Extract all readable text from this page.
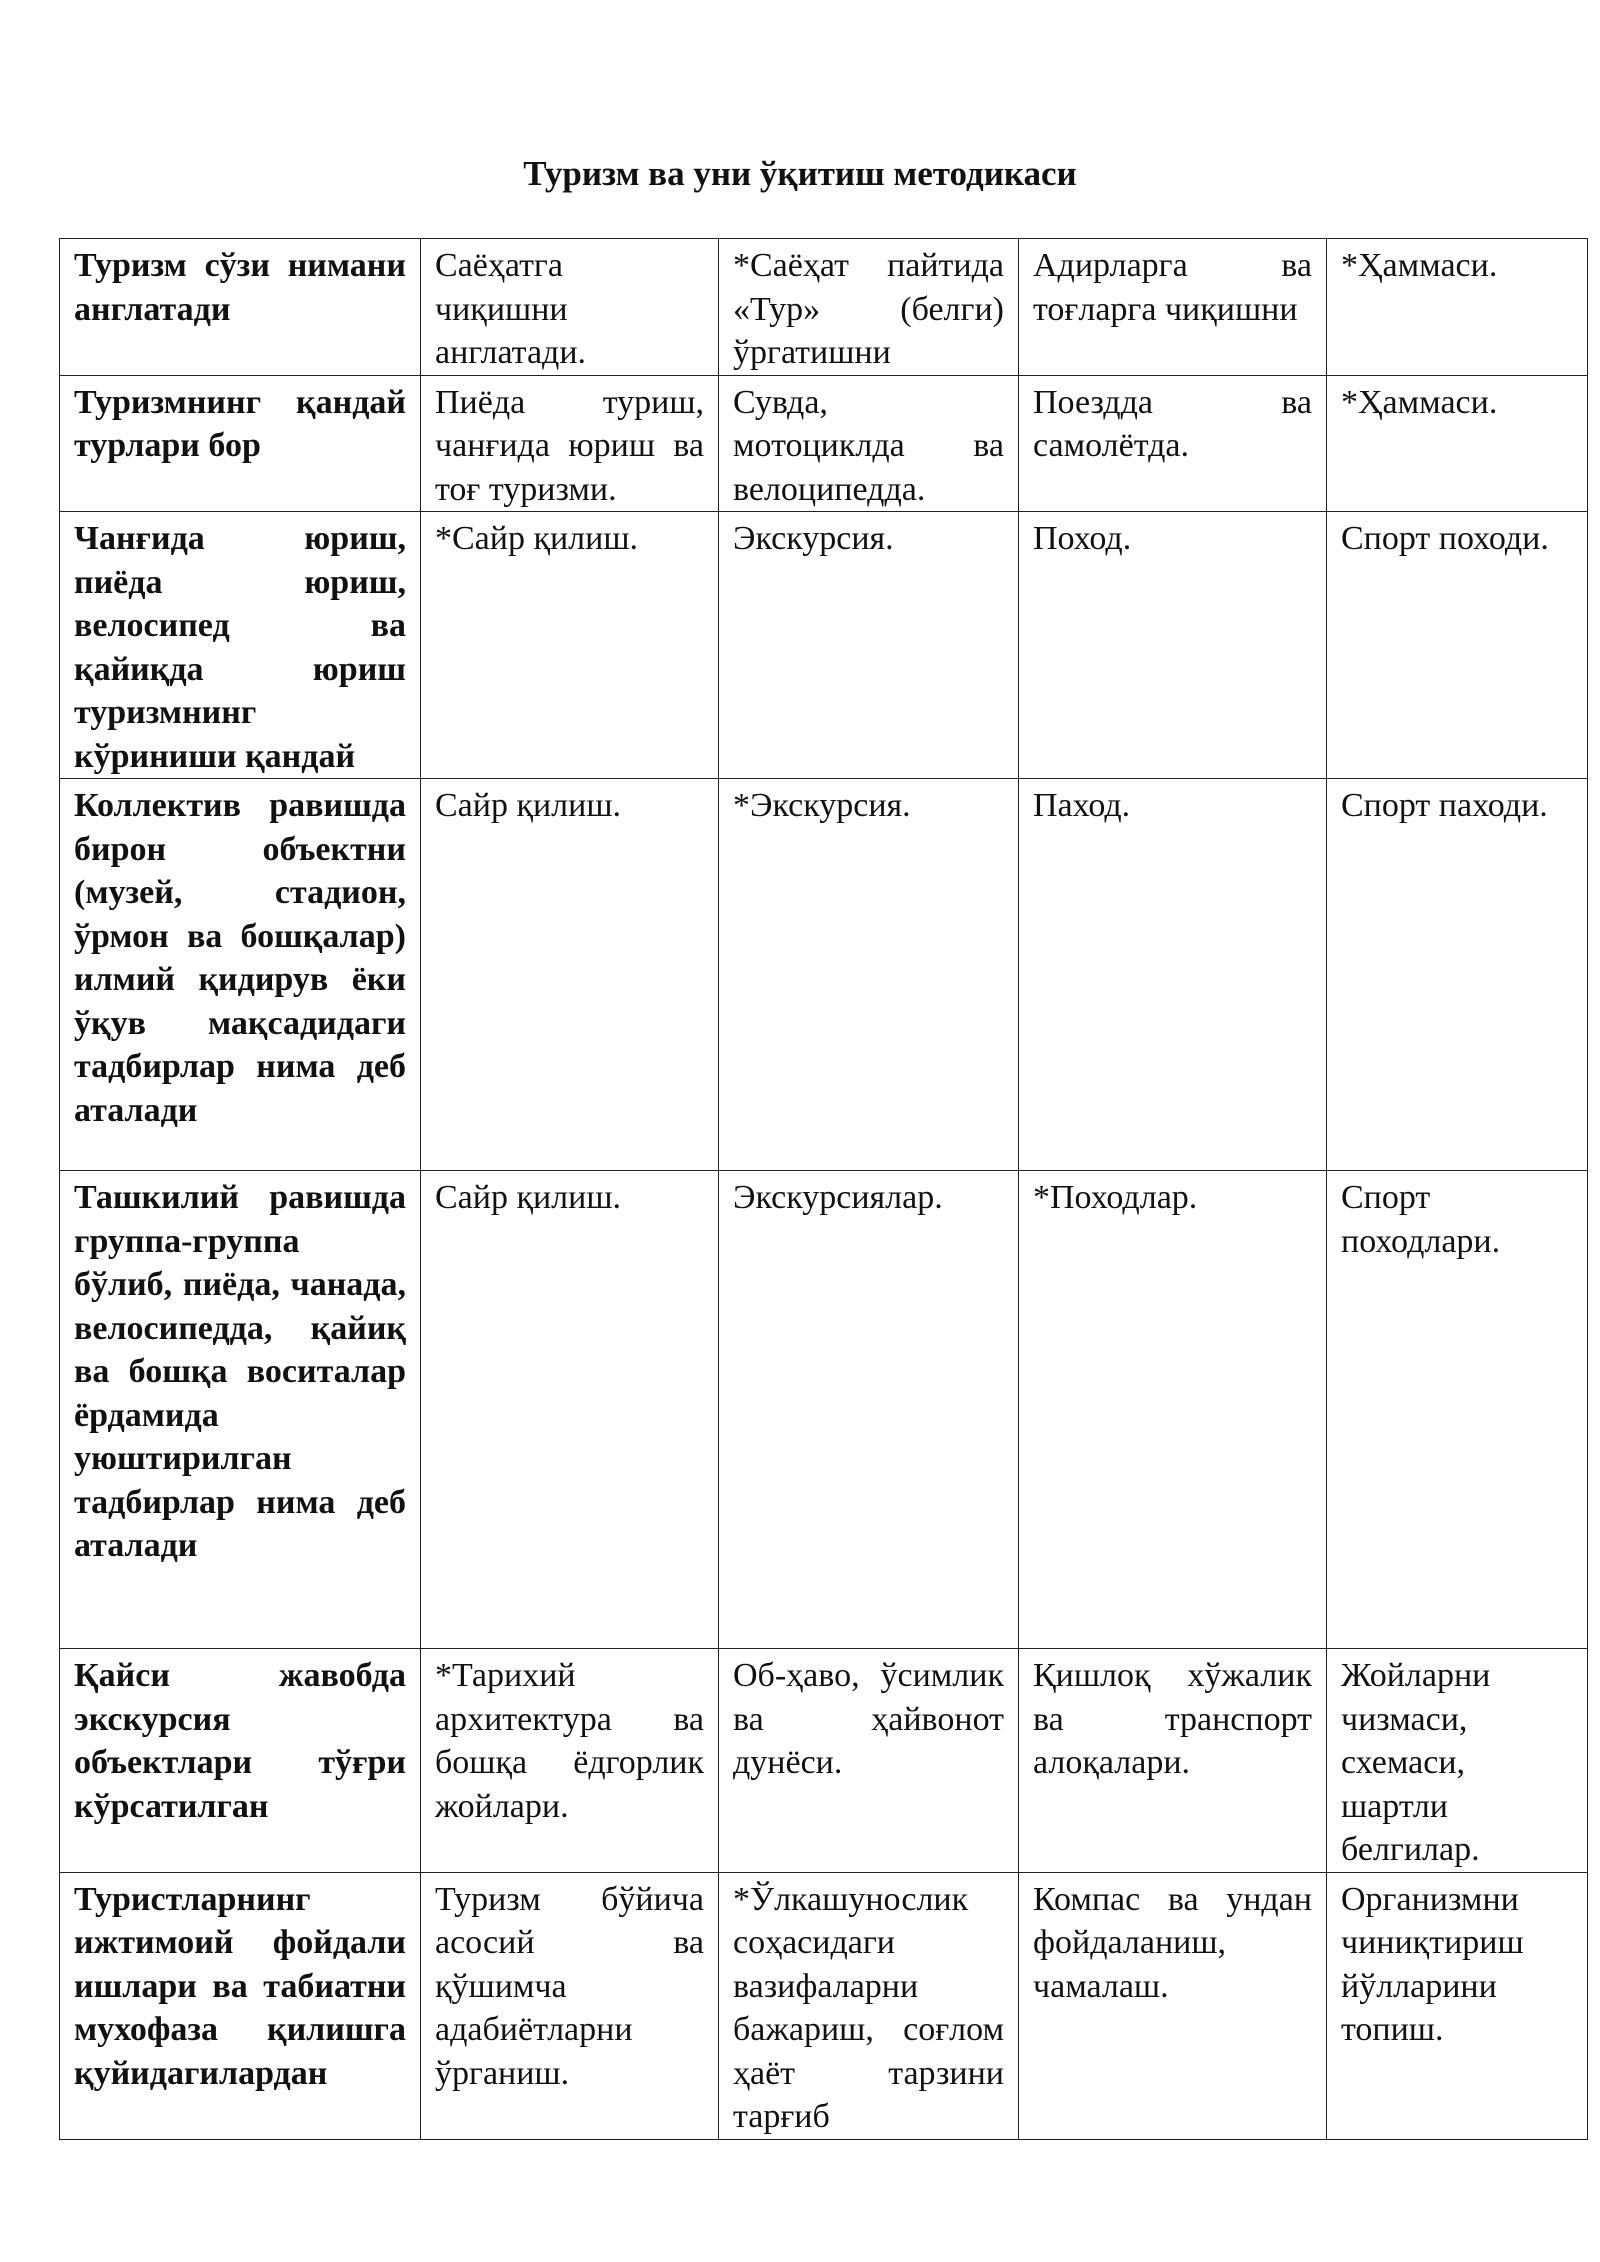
Туризм ва уни ўқитиш методикаси
Туризм сўзи нимани англатади	Саёҳатга чиқишни англатади.	*Саёҳат пайтида «Тур» (белги) ўргатишни	Адирларга ва тоғларга чиқишни	*Ҳаммаси.

Туризмнинг қандай турлари бор	Пиёда туриш, чанғида юриш ва тоғ туризми.	Сувда, мотоциклда ва велоципедда.	Поездда ва самолётда.	*Ҳаммаси.

Чанғида юриш, пиёда юриш, велосипед ва қайиқда юриш туризмнинг кўриниши қандай	*Сайр қилиш.	Экскурсия.	Поход.	Спорт походи.

Коллектив равишда бирон объектни (музей, стадион, ўрмон ва бошқалар) илмий қидирув ёки ўқув мақсадидаги тадбирлар нима деб аталади	Сайр қилиш.	*Экскурсия.	Паход.	Спорт паходи.

Ташкилий равишда группа-группа бўлиб, пиёда, чанада, велосипедда, қайиқ ва бошқа воситалар ёрдамида уюштирилган тадбирлар нима деб аталади	Сайр қилиш.	Экскурсиялар.	*Походлар.	Спорт походлари.

Қайси жавобда экскурсия объектлари тўғри кўрсатилган	*Тарихий архитектура ва бошқа ёдгорлик жойлари.	Об-ҳаво, ўсимлик ва ҳайвонот дунёси.	Қишлоқ хўжалик ва транспорт алоқалари.	Жойларни чизмаси, схемаси, шартли белгилар.

Туристларнинг ижтимоий фойдали ишлари ва табиатни мухофаза қилишга қуйидагилардан	Туризм бўйича асосий ва қўшимча адабиётларни ўрганиш.	*Ўлкашунослик соҳасидаги вазифаларни бажариш, соғлом ҳаёт тарзини тарғиб	Компас ва ундан фойдаланиш, чамалаш.	Организмни чиниқтириш йўлларини топиш.
